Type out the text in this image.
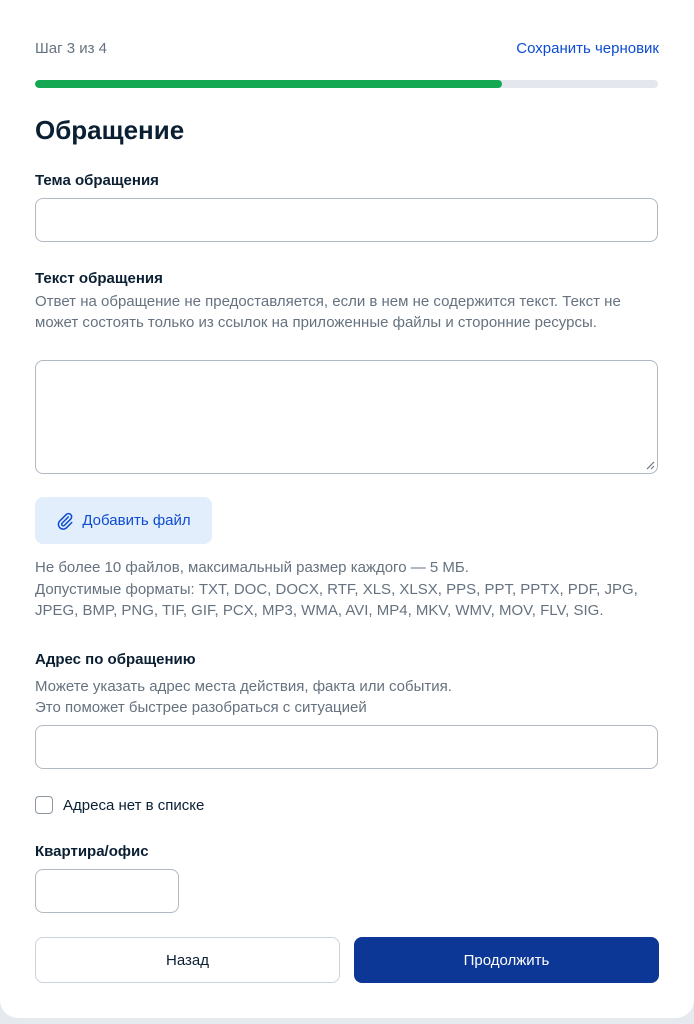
Шаг 3 из 4	Сохранить черновик
Обращение
Тема обращения
Текст обращения
Ответ на обращение не предоставляется, если в нем не содержится текст. Текст не может состоять только из ссылок на приложенные файлы и сторонние ресурсы.
Добавить файл
Не более 10 файлов, максимальный размер каждого — 5 МБ.
Допустимые форматы: TXT, DOC, DOCX, RTF, XLS, XLSX, PPS, PPT, PPTX, PDF, JPG, JPEG, BMP, PNG, TIF, GIF, PCX, MP3, WMA, AVI, MP4, MKV, WMV, MOV, FLV, SIG.
Адрес по обращению
Можете указать адрес места действия, факта или события.
Это поможет быстрее разобраться с ситуацией
Адреса нет в списке
Квартира/офис
Назад	Продолжить
